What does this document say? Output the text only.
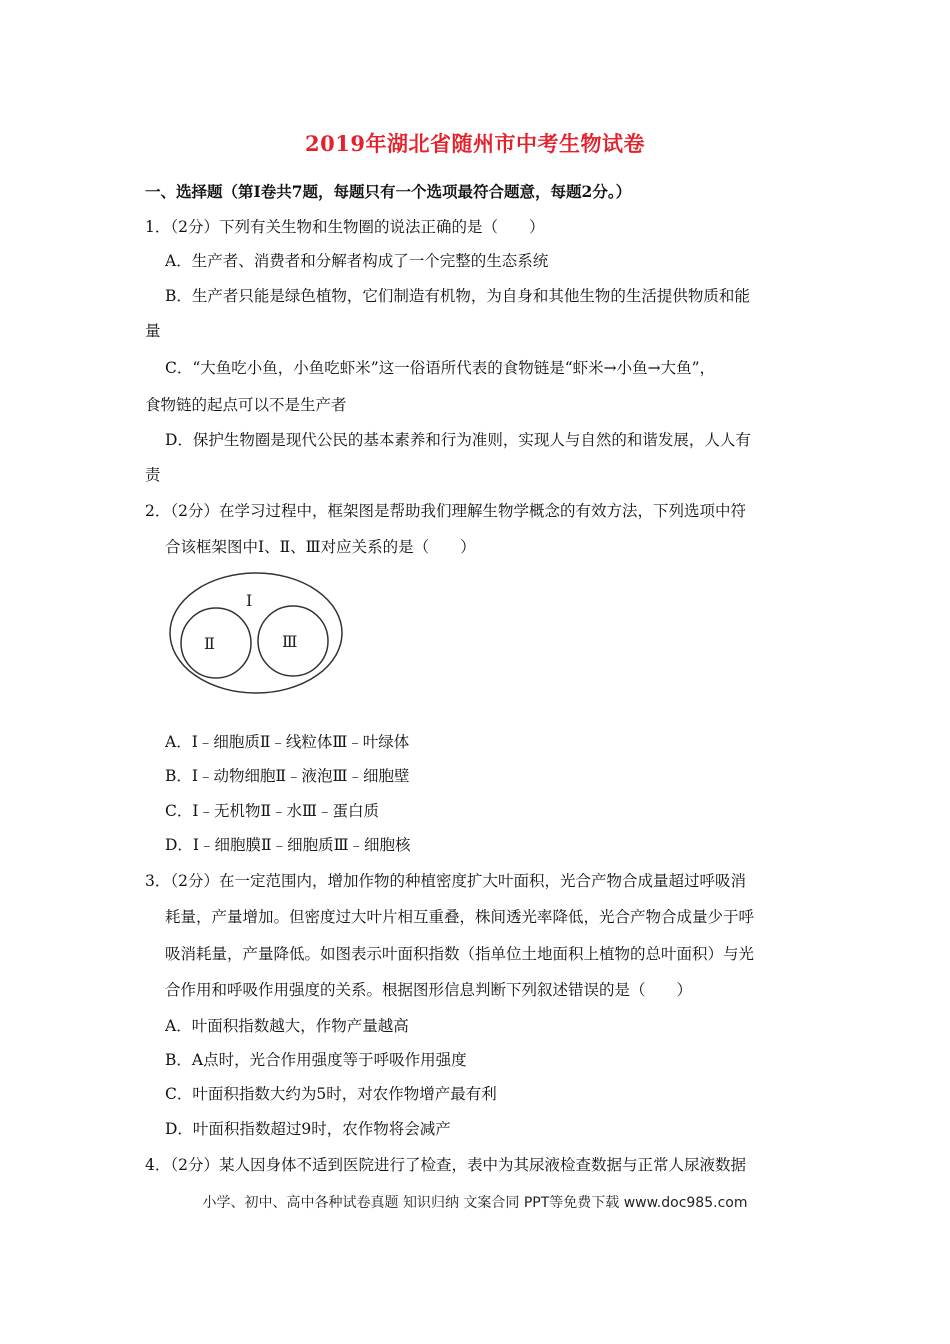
2019年湖北省随州市中考生物试卷
一、选择题（第Ⅰ卷共7题，每题只有一个选项最符合题意，每题2分。）
1．（2分）下列有关生物和生物圈的说法正确的是（　　）
A．生产者、消费者和分解者构成了一个完整的生态系统
B．生产者只能是绿色植物，它们制造有机物，为自身和其他生物的生活提供物质和能
量
C．“大鱼吃小鱼，小鱼吃虾米”这一俗语所代表的食物链是“虾米→小鱼→大鱼”，
食物链的起点可以不是生产者
D．保护生物圈是现代公民的基本素养和行为准则，实现人与自然的和谐发展，人人有
责
2．（2分）在学习过程中，框架图是帮助我们理解生物学概念的有效方法，下列选项中符
合该框架图中Ⅰ、Ⅱ、Ⅲ对应关系的是（　　）
Ⅰ
Ⅱ	Ⅲ
A．Ⅰ﹣细胞质Ⅱ﹣线粒体Ⅲ﹣叶绿体
B．Ⅰ﹣动物细胞Ⅱ﹣液泡Ⅲ﹣细胞壁
C．Ⅰ﹣无机物Ⅱ﹣水Ⅲ﹣蛋白质
D．Ⅰ﹣细胞膜Ⅱ﹣细胞质Ⅲ﹣细胞核
3．（2分）在一定范围内，增加作物的种植密度扩大叶面积，光合产物合成量超过呼吸消
耗量，产量增加。但密度过大叶片相互重叠，株间透光率降低，光合产物合成量少于呼
吸消耗量，产量降低。如图表示叶面积指数（指单位土地面积上植物的总叶面积）与光
合作用和呼吸作用强度的关系。根据图形信息判断下列叙述错误的是（　　）
A．叶面积指数越大，作物产量越高
B．A点时，光合作用强度等于呼吸作用强度
C．叶面积指数大约为5时，对农作物增产最有利
D．叶面积指数超过9时，农作物将会减产
4．（2分）某人因身体不适到医院进行了检查，表中为其尿液检查数据与正常人尿液数据
小学、初中、高中各种试卷真题 知识归纳 文案合同 PPT等免费下载 www.doc985.com
